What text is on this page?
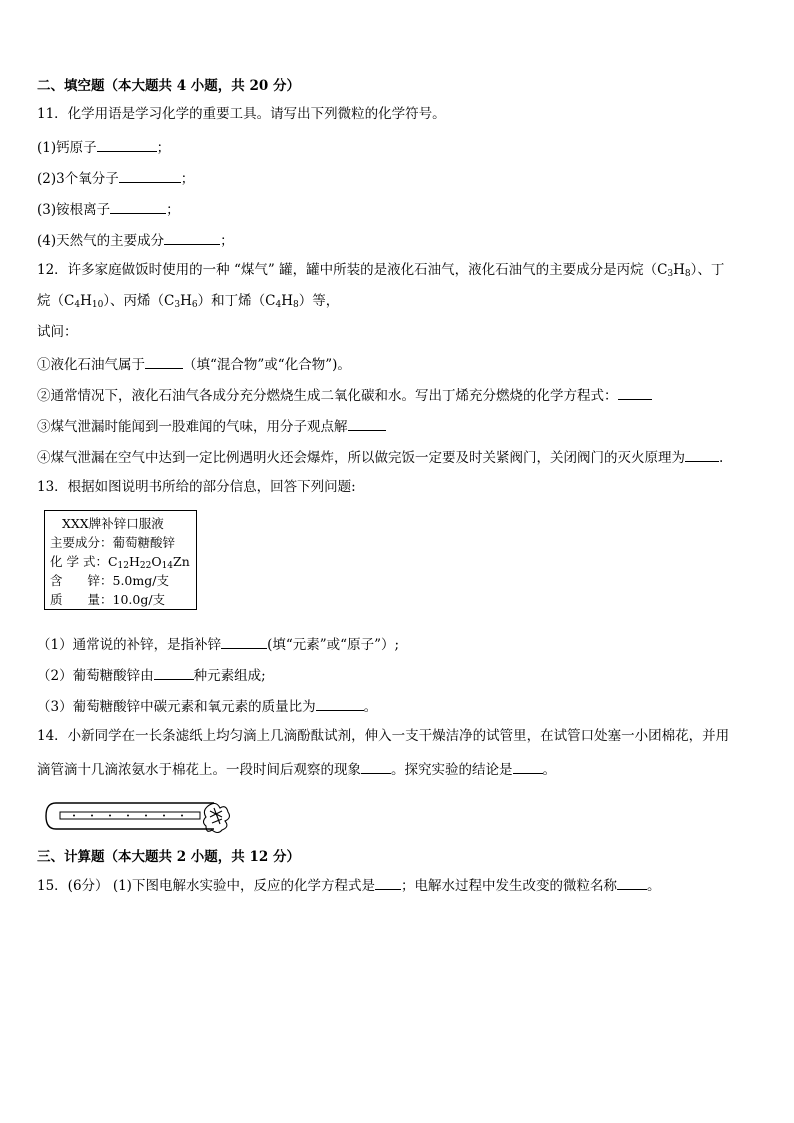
二、填空题（本大题共 4 小题，共 20 分）
11．化学用语是学习化学的重要工具。请写出下列微粒的化学符号。
(1)钙原子	；
(2)3个氧分子	；
(3)铵根离子	；
(4)天然气的主要成分	；
12．许多家庭做饭时使用的一种 “煤气” 罐，罐中所装的是液化石油气，液化石油气的主要成分是丙烷$(C_3H_8)$、丁
烷$(C_4H_{10})$、丙烯$(C_3H_6)$和丁烯$(C_4H_8)$等，
试问：
①液化石油气属于	（填“混合物”或“化合物”)。
②通常情况下，液化石油气各成分充分燃烧生成二氧化碳和水。写出丁烯充分燃烧的化学方程式：
③煤气泄漏时能闻到一股难闻的气味，用分子观点解
④煤气泄漏在空气中达到一定比例遇明火还会爆炸，所以做完饭一定要及时关紧阀门，关闭阀门的灭火原理为	.
13．根据如图说明书所给的部分信息，回答下列问题:
XXX牌补锌口服液
主要成分：葡萄糖酸锌
化 学 式：$C_{12}H_{22}O_{14}Zn$
含　　锌：5.0mg/支
质　　量：10.0g/支
（1）通常说的补锌，是指补锌	(填“元素”或“原子”）;
（2）葡萄糖酸锌由	种元素组成;
（3）葡萄糖酸锌中碳元素和氧元素的质量比为	。
14．小新同学在一长条滤纸上均匀滴上几滴酚酞试剂，伸入一支干燥洁净的试管里，在试管口处塞一小团棉花，并用
滴管滴十几滴浓氨水于棉花上。一段时间后观察的现象 。探究实验的结论是 。
三、计算题（本大题共 2 小题，共 12 分）
15．(6分） (1)下图电解水实验中，反应的化学方程式是 ；电解水过程中发生改变的微粒名称 。
